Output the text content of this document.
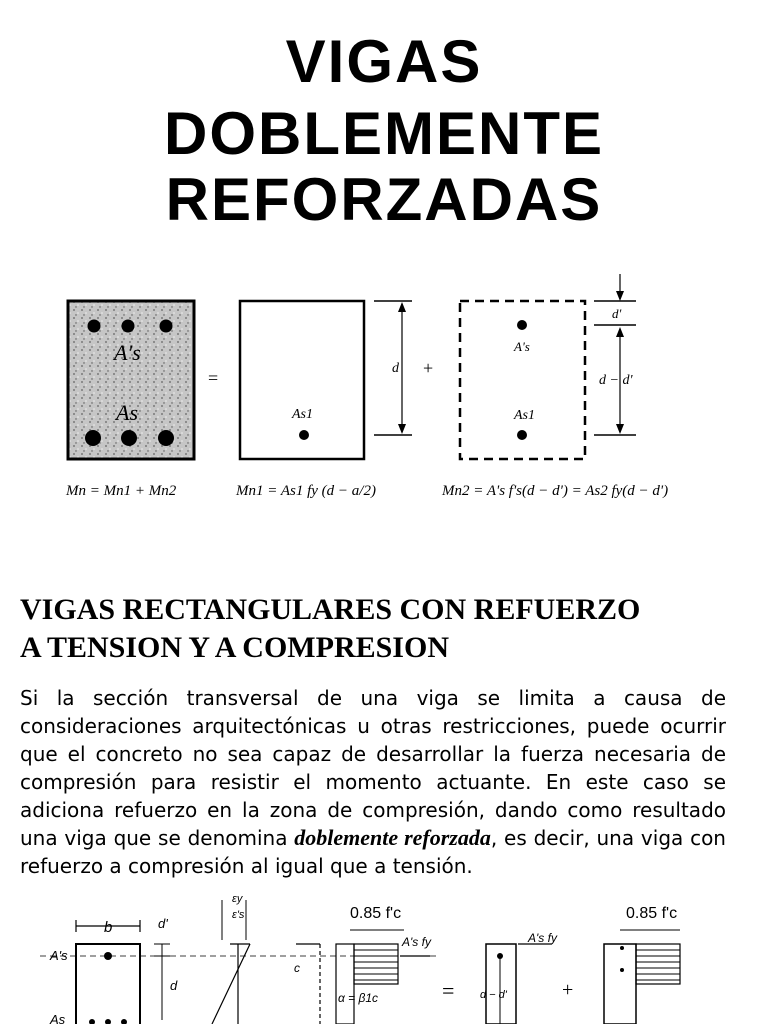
VIGAS
DOBLEMENTE
REFORZADAS
A's
As
=
As1
d +
A's
As1
d'
d − d'
Mn = Mn1 + Mn2	Mn1 = As1 fy (d − a/2)	Mn2 = A's f's(d − d') = As2 fy(d − d')
VIGAS RECTANGULARES CON REFUERZO
A TENSION Y A COMPRESION
Si la sección transversal de una viga se limita a causa de consideraciones arquitectónicas u otras restricciones, puede ocurrir que el concreto no sea capaz de desarrollar la fuerza necesaria de compresión para resistir el momento actuante. En este caso se adiciona refuerzo en la zona de compresión, dando como resultado una viga que se denomina doblemente reforzada, es decir, una viga con refuerzo a compresión al igual que a tensión.
b
A's
As
d'
d
εy
ε's
c
0.85 f'c
A's fy
α = β1c	=
A's fy
d − d'	+
0.85 f'c
